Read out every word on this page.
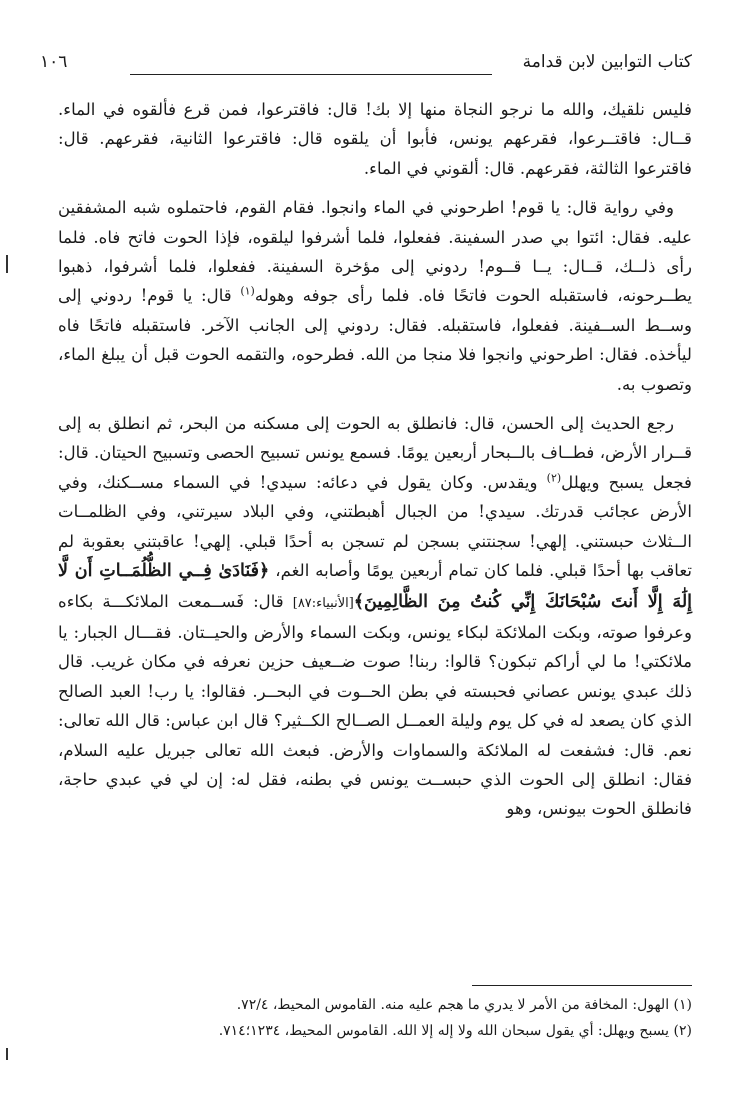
كتاب التوابين لابن قدامة
١٠٦

فليس نلقيك، والله ما نرجو النجاة منها إلا بك! قال: فاقترعوا، فمن قرع فألقوه في الماء. قــال: فاقتــرعوا، فقرعهم يونس، فأبوا أن يلقوه قال: فاقترعوا الثانية، فقرعهم. قال: فاقترعوا الثالثة، فقرعهم. قال: ألقوني في الماء.

وفي رواية قال: يا قوم! اطرحوني في الماء وانجوا. فقام القوم، فاحتملوه شبه المشفقين عليه. فقال: ائتوا بي صدر السفينة. ففعلوا، فلما أشرفوا ليلقوه، فإذا الحوت فاتح فاه. فلما رأى ذلــك، قــال: يــا قــوم! ردوني إلى مؤخرة السفينة. ففعلوا، فلما أشرفوا، ذهبوا يطــرحونه، فاستقبله الحوت فاتحًا فاه. فلما رأى جوفه وهوله$^{(١)}$ قال: يا قوم! ردوني إلى وســط الســفينة. ففعلوا، فاستقبله. فقال: ردوني إلى الجانب الآخر. فاستقبله فاتحًا فاه ليأخذه. فقال: اطرحوني وانجوا فلا منجا من الله. فطرحوه، والتقمه الحوت قبل أن يبلغ الماء، وتصوب به.

رجع الحديث إلى الحسن، قال: فانطلق به الحوت إلى مسكنه من البحر، ثم انطلق به إلى قــرار الأرض، فطــاف بالــبحار أربعين يومًا. فسمع يونس تسبيح الحصى وتسبيح الحيتان. قال: فجعل يسبح ويهلل$^{(٢)}$ ويقدس. وكان يقول في دعائه: سيدي! في السماء مســكنك، وفي الأرض عجائب قدرتك. سيدي! من الجبال أهبطتني، وفي البلاد سيرتني، وفي الظلمــات الــثلاث حبستني. إلهي! سجنتني بسجن لم تسجن به أحدًا قبلي. إلهي! عاقبتني بعقوبة لم تعاقب بها أحدًا قبلي. فلما كان تمام أربعين يومًا وأصابه الغم، ﴿فَنَادَىٰ فِــي الظُّلُمَــاتِ أَن لَّا إِلَٰهَ إِلَّا أَنتَ سُبْحَانَكَ إِنِّي كُنتُ مِنَ الظَّالِمِينَ﴾[الأنبياء:٨٧] قال: فَســمعت الملائكـــة بكاءه وعرفوا صوته، وبكت الملائكة لبكاء يونس، وبكت السماء والأرض والحيــتان. فقـــال الجبار: يا ملائكتي! ما لي أراكم تبكون؟ قالوا: ربنا! صوت ضــعيف حزين نعرفه في مكان غريب. قال ذلك عبدي يونس عصاني فحبسته في بطن الحــوت في البحــر. فقالوا: يا رب! العبد الصالح الذي كان يصعد له في كل يوم وليلة العمــل الصــالح الكــثير؟ قال ابن عباس: قال الله تعالى: نعم. قال: فشفعت له الملائكة والسماوات والأرض. فبعث الله تعالى جبريل عليه السلام، فقال: انطلق إلى الحوت الذي حبســت يونس في بطنه، فقل له: إن لي في عبدي حاجة، فانطلق الحوت بيونس، وهو

(١) الهول: المخافة من الأمر لا يدري ما هجم عليه منه. القاموس المحيط، ٧٢/٤.

(٢) يسبح ويهلل: أي يقول سبحان الله ولا إله إلا الله. القاموس المحيط، ١٢٣٤؛٧١٤.
